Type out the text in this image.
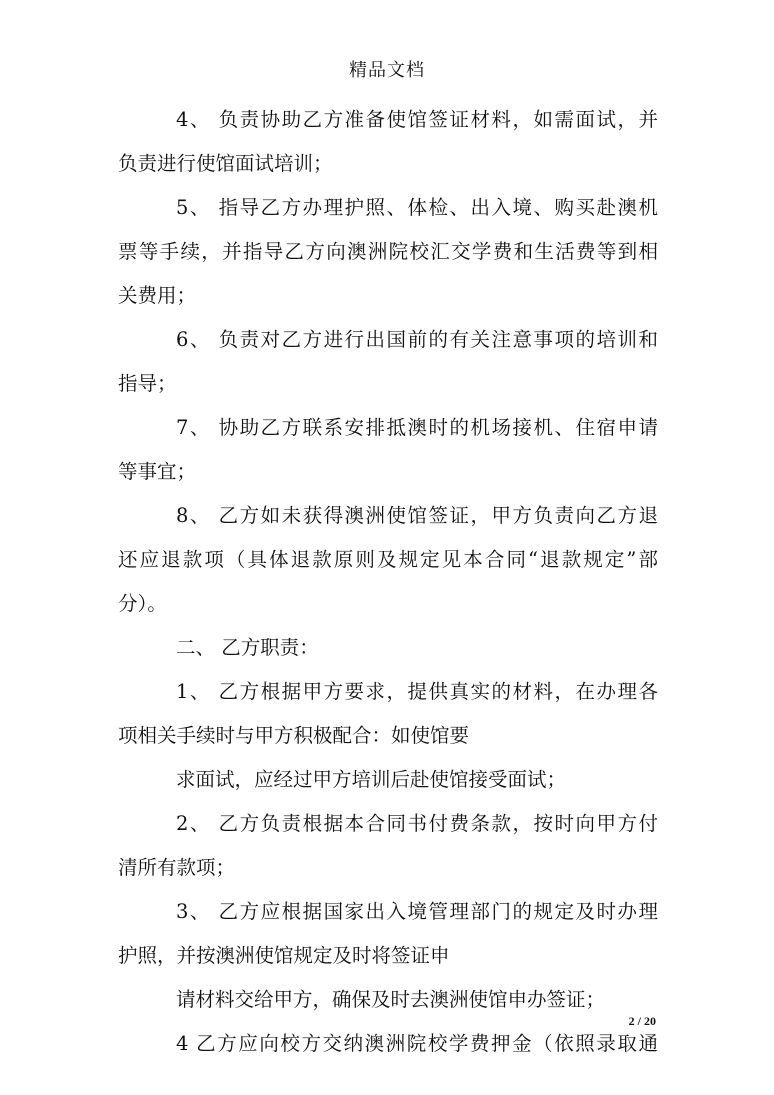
精品文档
4、 负责协助乙方准备使馆签证材料，如需面试，并
负责进行使馆面试培训；
5、 指导乙方办理护照、体检、出入境、购买赴澳机
票等手续，并指导乙方向澳洲院校汇交学费和生活费等到相
关费用；
6、 负责对乙方进行出国前的有关注意事项的培训和
指导；
7、 协助乙方联系安排抵澳时的机场接机、住宿申请
等事宜；
8、 乙方如未获得澳洲使馆签证，甲方负责向乙方退
还应退款项（具体退款原则及规定见本合同“退款规定”部
分）。
二、 乙方职责：
1、 乙方根据甲方要求，提供真实的材料，在办理各
项相关手续时与甲方积极配合：如使馆要
求面试，应经过甲方培训后赴使馆接受面试；
2、 乙方负责根据本合同书付费条款，按时向甲方付
清所有款项；
3、 乙方应根据国家出入境管理部门的规定及时办理
护照，并按澳洲使馆规定及时将签证申
请材料交给甲方，确保及时去澳洲使馆申办签证；
4 乙方应向校方交纳澳洲院校学费押金（依照录取通
2 / 20
